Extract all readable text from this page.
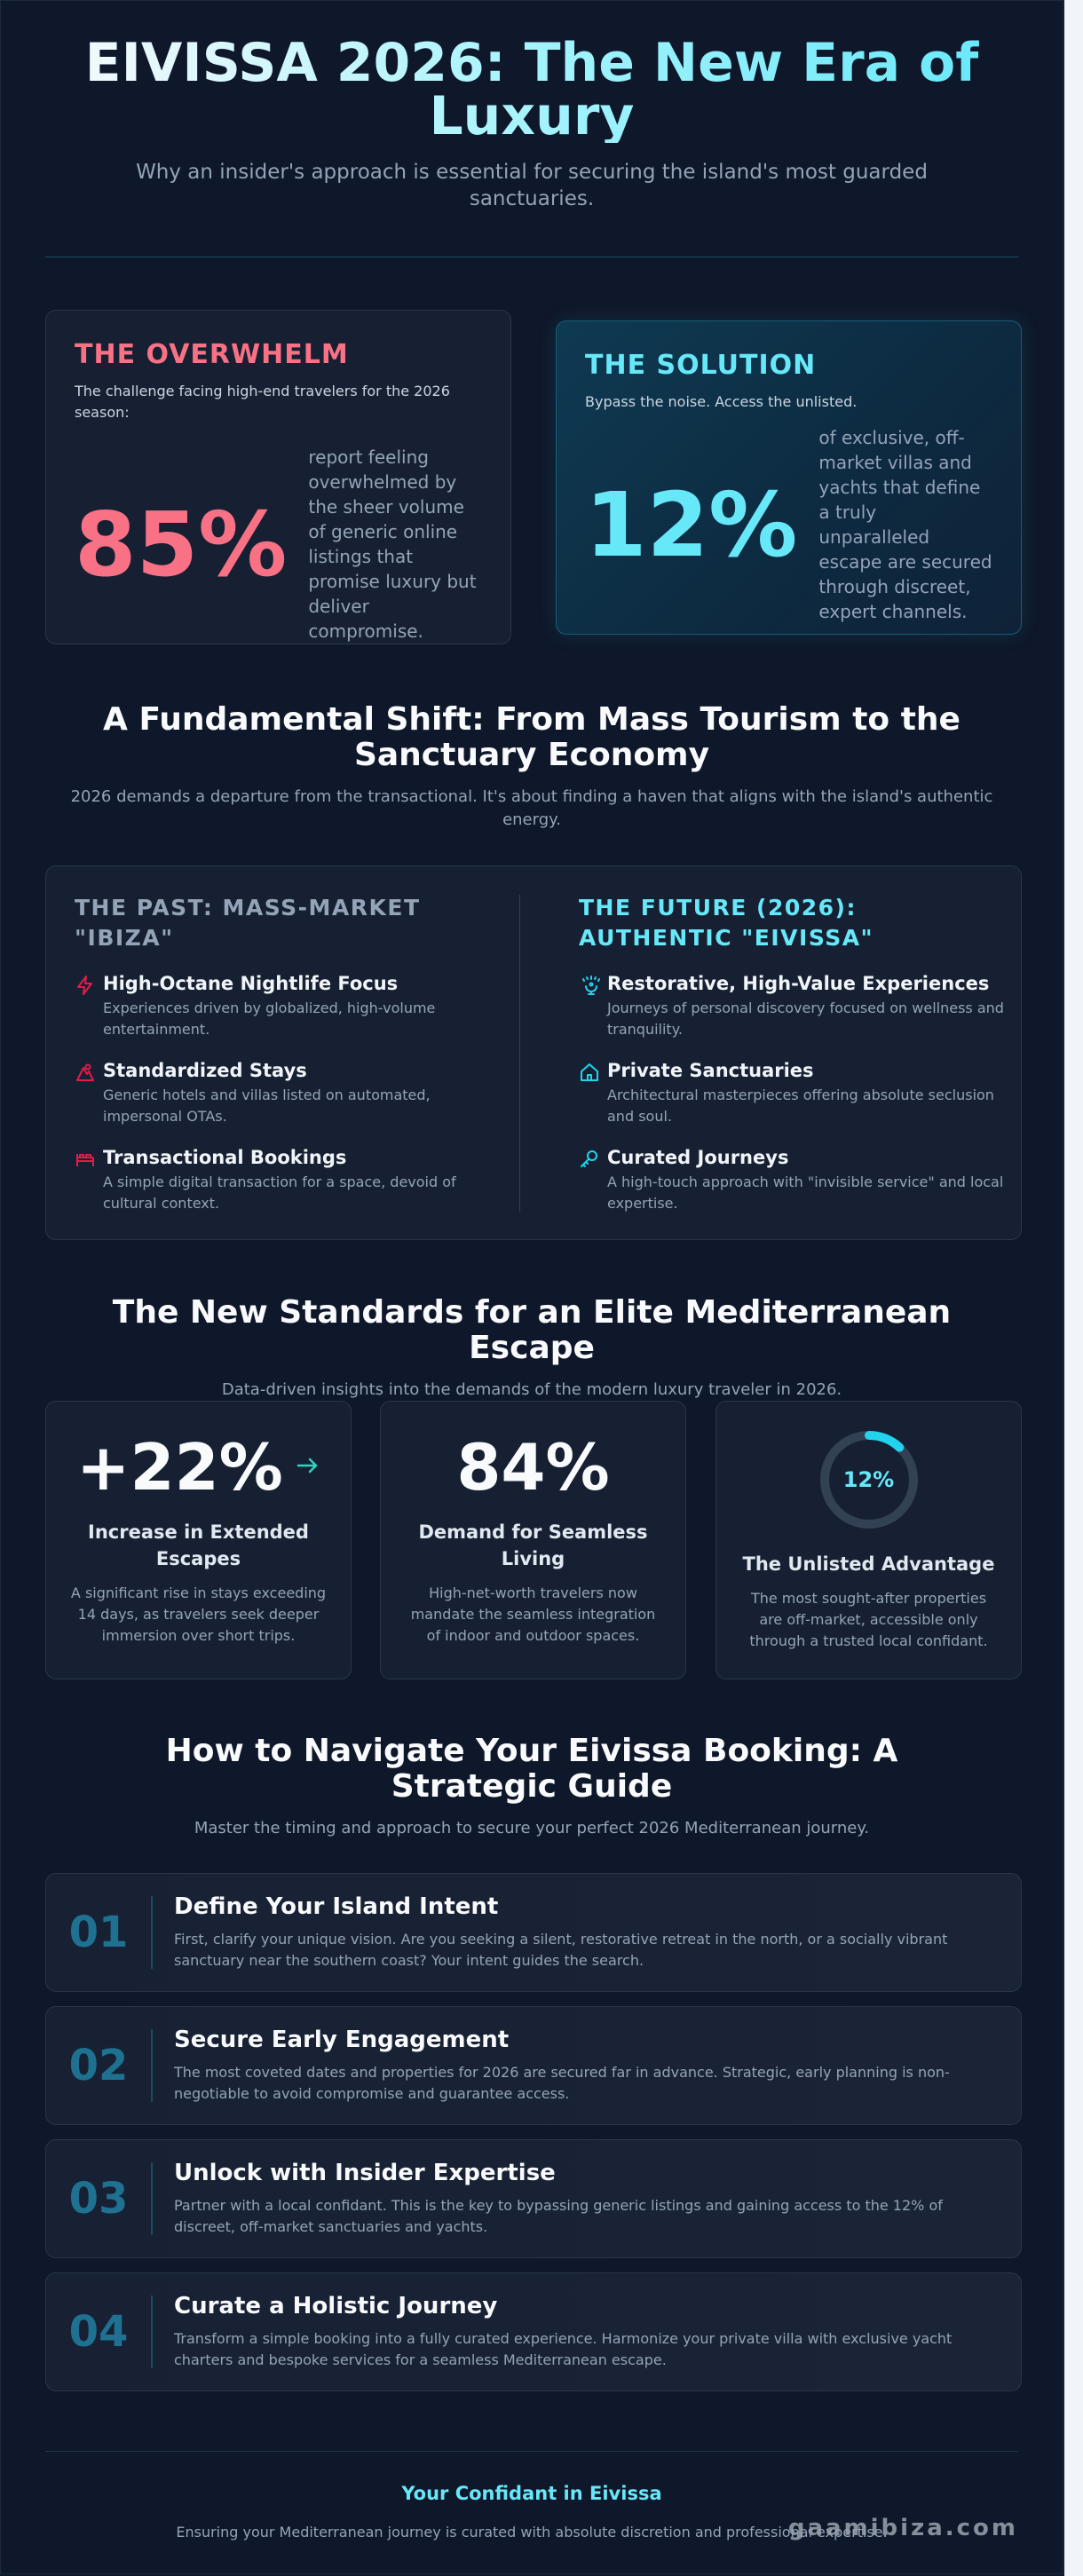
EIVISSA 2026: The New Era of Luxury

Why an insider's approach is essential for securing the island's most guarded sanctuaries.

THE OVERWHELM

The challenge facing high-end travelers for the 2026 season:

85%
report feeling overwhelmed by the sheer volume of generic online listings that promise luxury but deliver compromise.
THE SOLUTION

Bypass the noise. Access the unlisted.

12%
of exclusive, off-market villas and yachts that define a truly unparalleled escape are secured through discreet, expert channels.
A Fundamental Shift: From Mass Tourism to the Sanctuary Economy

2026 demands a departure from the transactional. It's about finding a haven that aligns with the island's authentic energy.

THE PAST: MASS-MARKET "IBIZA"
High-Octane Nightlife Focus
Experiences driven by globalized, high-volume entertainment.
Standardized Stays
Generic hotels and villas listed on automated, impersonal OTAs.
Transactional Bookings
A simple digital transaction for a space, devoid of cultural context.
THE FUTURE (2026): AUTHENTIC "EIVISSA"
Restorative, High-Value Experiences
Journeys of personal discovery focused on wellness and tranquility.
Private Sanctuaries
Architectural masterpieces offering absolute seclusion and soul.
Curated Journeys
A high-touch approach with "invisible service" and local expertise.
The New Standards for an Elite Mediterranean Escape

Data-driven insights into the demands of the modern luxury traveler in 2026.

+22%
Increase in Extended Escapes
A significant rise in stays exceeding 14 days, as travelers seek deeper immersion over short trips.
84%
Demand for Seamless Living
High-net-worth travelers now mandate the seamless integration of indoor and outdoor spaces.
12%
The Unlisted Advantage
The most sought-after properties are off-market, accessible only through a trusted local confidant.
How to Navigate Your Eivissa Booking: A Strategic Guide

Master the timing and approach to secure your perfect 2026 Mediterranean journey.

01
Define Your Island Intent
First, clarify your unique vision. Are you seeking a silent, restorative retreat in the north, or a socially vibrant sanctuary near the southern coast? Your intent guides the search.
02
Secure Early Engagement
The most coveted dates and properties for 2026 are secured far in advance. Strategic, early planning is non-negotiable to avoid compromise and guarantee access.
03
Unlock with Insider Expertise
Partner with a local confidant. This is the key to bypassing generic listings and gaining access to the 12% of discreet, off-market sanctuaries and yachts.
04
Curate a Holistic Journey
Transform a simple booking into a fully curated experience. Harmonize your private villa with exclusive yacht charters and bespoke services for a seamless Mediterranean escape.
Your Confidant in Eivissa
Ensuring your Mediterranean journey is curated with absolute discretion and professional expertise.
gaamibiza.com
